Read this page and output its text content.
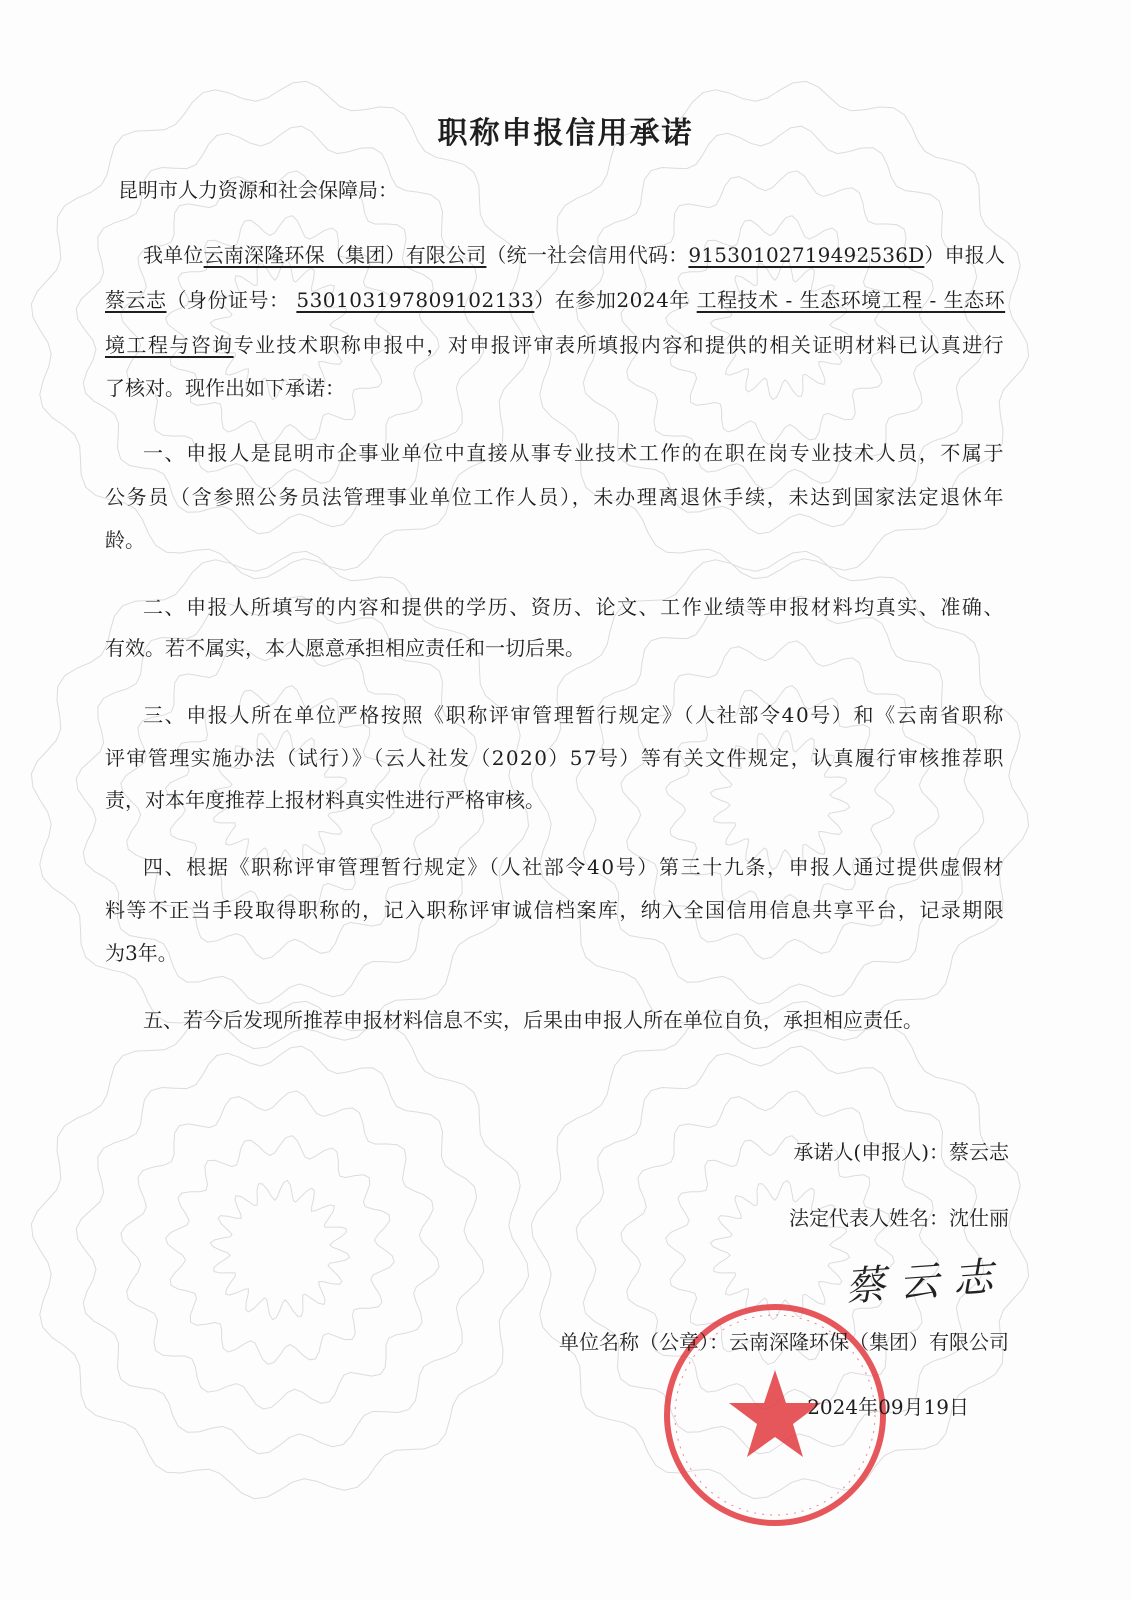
职称申报信用承诺
昆明市人力资源和社会保障局：
我单位云南深隆环保（集团）有限公司（统一社会信用代码：91530102719492536D）申报人
蔡云志（身份证号： 530103197809102133）在参加2024年 工程技术 - 生态环境工程 - 生态环
境工程与咨询专业技术职称申报中，对申报评审表所填报内容和提供的相关证明材料已认真进行
了核对。现作出如下承诺：
一、申报人是昆明市企事业单位中直接从事专业技术工作的在职在岗专业技术人员，不属于
公务员（含参照公务员法管理事业单位工作人员），未办理离退休手续，未达到国家法定退休年
龄。
二、申报人所填写的内容和提供的学历、资历、论文、工作业绩等申报材料均真实、准确、
有效。若不属实，本人愿意承担相应责任和一切后果。
三、申报人所在单位严格按照《职称评审管理暂行规定》（人社部令40号）和《云南省职称
评审管理实施办法（试行）》（云人社发（2020）57号）等有关文件规定，认真履行审核推荐职
责，对本年度推荐上报材料真实性进行严格审核。
四、根据《职称评审管理暂行规定》（人社部令40号）第三十九条，申报人通过提供虚假材
料等不正当手段取得职称的，记入职称评审诚信档案库，纳入全国信用信息共享平台，记录期限
为3年。
五、若今后发现所推荐申报材料信息不实，后果由申报人所在单位自负，承担相应责任。
承诺人(申报人)：蔡云志
法定代表人姓名：沈仕丽
蔡云志
单位名称（公章）：云南深隆环保（集团）有限公司
2024年09月19日
